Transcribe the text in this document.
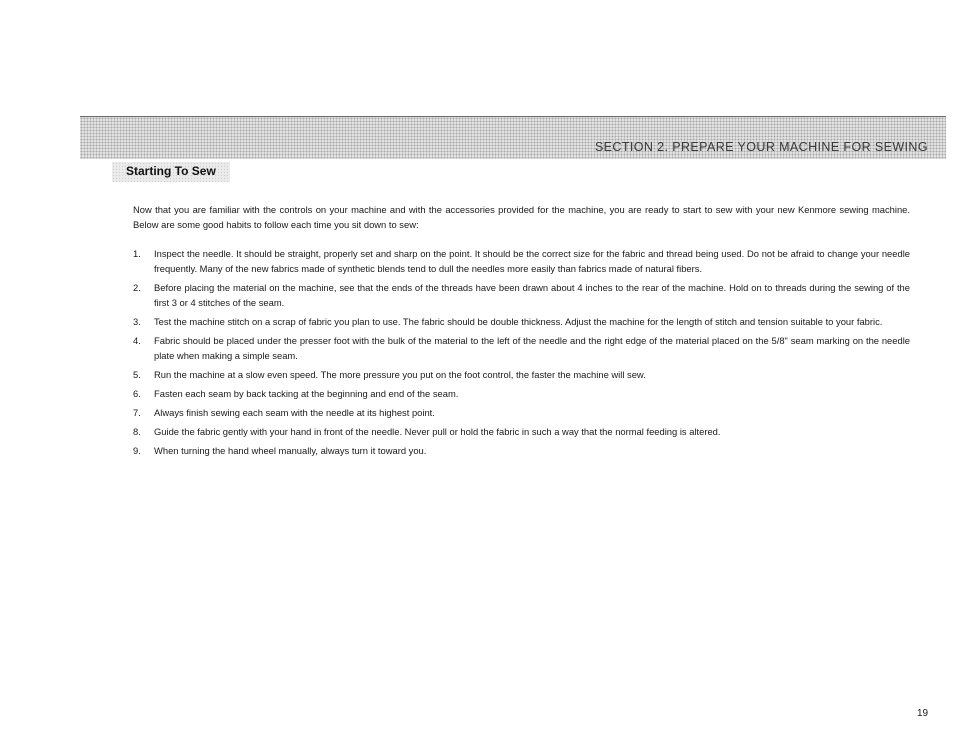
SECTION 2. PREPARE YOUR MACHINE FOR SEWING
Starting To Sew

Now that you are familiar with the controls on your machine and with the accessories provided for the machine, you are ready to start to sew with your new Kenmore sewing machine. Below are some good habits to follow each time you sit down to sew:

1.	Inspect the needle. It should be straight, properly set and sharp on the point. It should be the correct size for the fabric and thread being used. Do not be afraid to change your needle frequently. Many of the new fabrics made of synthetic blends tend to dull the needles more easily than fabrics made of natural fibers.
2.	Before placing the material on the machine, see that the ends of the threads have been drawn about 4 inches to the rear of the machine. Hold on to threads during the sewing of the first 3 or 4 stitches of the seam.
3.	Test the machine stitch on a scrap of fabric you plan to use. The fabric should be double thickness. Adjust the machine for the length of stitch and tension suitable to your fabric.
4.	Fabric should be placed under the presser foot with the bulk of the material to the left of the needle and the right edge of the material placed on the 5/8" seam marking on the needle plate when making a simple seam.
5.	Run the machine at a slow even speed. The more pressure you put on the foot control, the faster the machine will sew.
6.	Fasten each seam by back tacking at the beginning and end of the seam.
7.	Always finish sewing each seam with the needle at its highest point.
8.	Guide the fabric gently with your hand in front of the needle. Never pull or hold the fabric in such a way that the normal feeding is altered.
9.	When turning the hand wheel manually, always turn it toward you.
19
